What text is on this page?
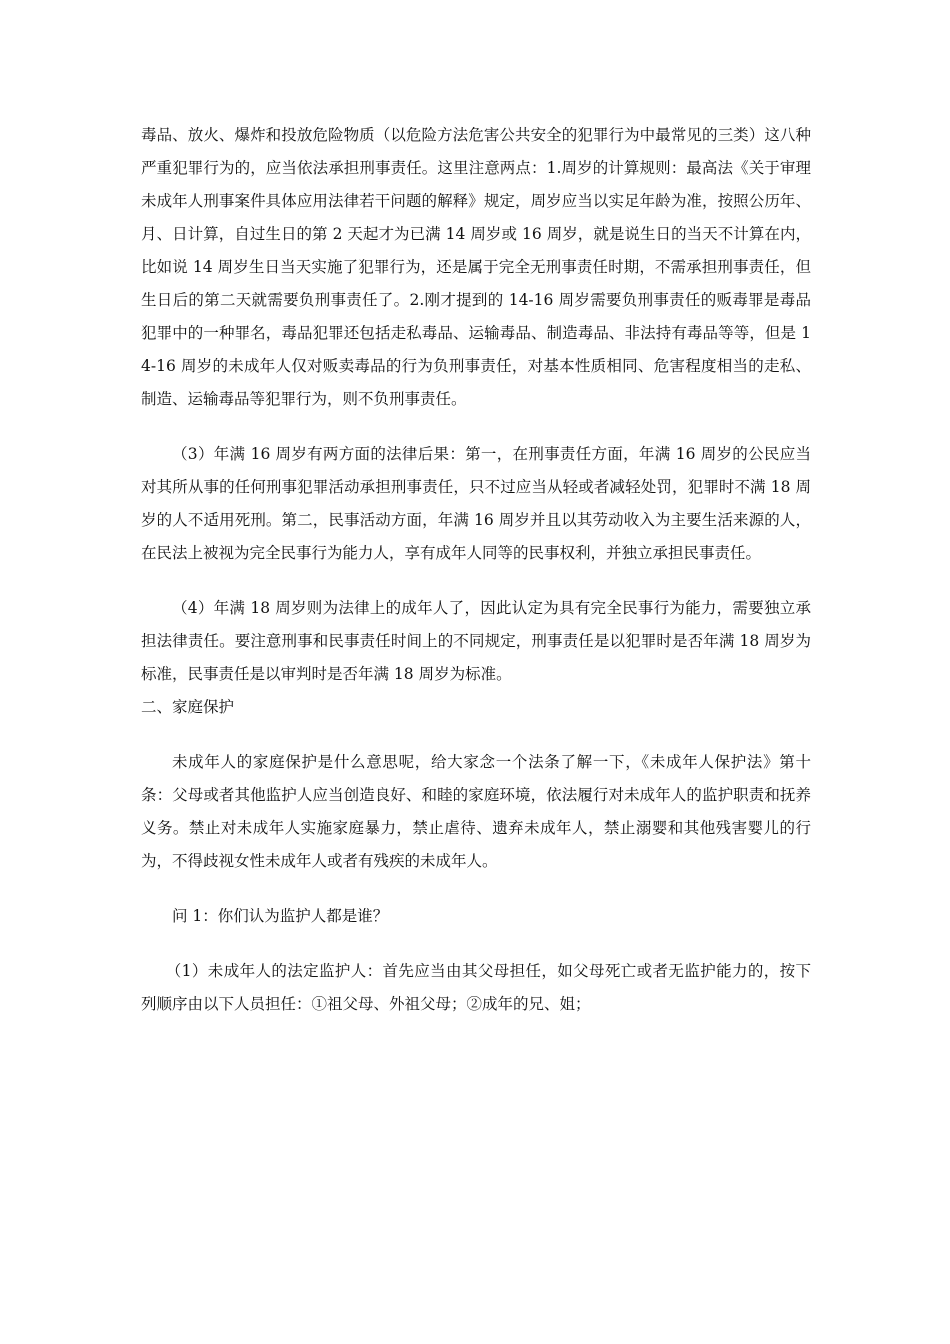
毒品、放火、爆炸和投放危险物质（以危险方法危害公共安全的犯罪行为中最常见的三类）这八种严重犯罪行为的，应当依法承担刑事责任。这里注意两点：1.周岁的计算规则：最高法《关于审理未成年人刑事案件具体应用法律若干问题的解释》规定，周岁应当以实足年龄为准，按照公历年、月、日计算，自过生日的第 2 天起才为已满 14 周岁或 16 周岁，就是说生日的当天不计算在内，比如说 14 周岁生日当天实施了犯罪行为，还是属于完全无刑事责任时期，不需承担刑事责任，但生日后的第二天就需要负刑事责任了。2.刚才提到的 14-16 周岁需要负刑事责任的贩毒罪是毒品犯罪中的一种罪名，毒品犯罪还包括走私毒品、运输毒品、制造毒品、非法持有毒品等等，但是 14-16 周岁的未成年人仅对贩卖毒品的行为负刑事责任，对基本性质相同、危害程度相当的走私、制造、运输毒品等犯罪行为，则不负刑事责任。

（3）年满 16 周岁有两方面的法律后果：第一，在刑事责任方面，年满 16 周岁的公民应当对其所从事的任何刑事犯罪活动承担刑事责任，只不过应当从轻或者减轻处罚，犯罪时不满 18 周岁的人不适用死刑。第二，民事活动方面，年满 16 周岁并且以其劳动收入为主要生活来源的人，在民法上被视为完全民事行为能力人，享有成年人同等的民事权利，并独立承担民事责任。

（4）年满 18 周岁则为法律上的成年人了，因此认定为具有完全民事行为能力，需要独立承担法律责任。要注意刑事和民事责任时间上的不同规定，刑事责任是以犯罪时是否年满 18 周岁为标准，民事责任是以审判时是否年满 18 周岁为标准。

二、家庭保护

未成年人的家庭保护是什么意思呢，给大家念一个法条了解一下，《未成年人保护法》第十条：父母或者其他监护人应当创造良好、和睦的家庭环境，依法履行对未成年人的监护职责和抚养义务。禁止对未成年人实施家庭暴力，禁止虐待、遗弃未成年人，禁止溺婴和其他残害婴儿的行为，不得歧视女性未成年人或者有残疾的未成年人。

问 1：你们认为监护人都是谁？

（1）未成年人的法定监护人：首先应当由其父母担任，如父母死亡或者无监护能力的，按下列顺序由以下人员担任：①祖父母、外祖父母；②成年的兄、姐；
